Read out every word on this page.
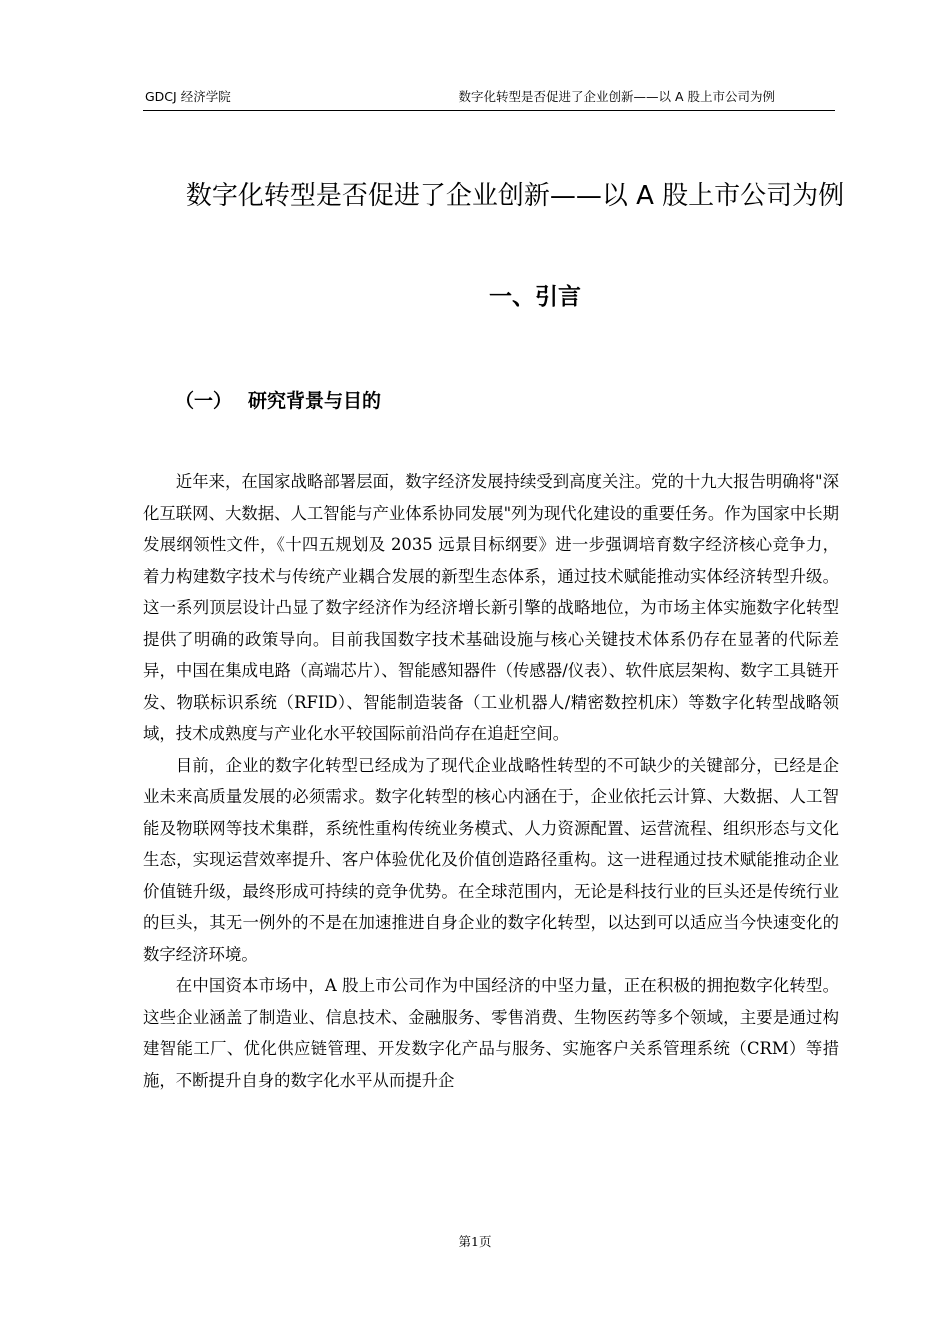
GDCJ 经济学院	数字化转型是否促进了企业创新——以 A 股上市公司为例
数字化转型是否促进了企业创新——以 A 股上市公司为例
一、引言
（一） 研究背景与目的

近年来，在国家战略部署层面，数字经济发展持续受到高度关注。党的十九大报告明确将"深化互联网、大数据、人工智能与产业体系协同发展"列为现代化建设的重要任务。作为国家中长期发展纲领性文件，《十四五规划及 2035 远景目标纲要》进一步强调培育数字经济核心竞争力，着力构建数字技术与传统产业耦合发展的新型生态体系，通过技术赋能推动实体经济转型升级。这一系列顶层设计凸显了数字经济作为经济增长新引擎的战略地位，为市场主体实施数字化转型提供了明确的政策导向。目前我国数字技术基础设施与核心关键技术体系仍存在显著的代际差异，中国在集成电路（高端芯片）、智能感知器件（传感器/仪表）、软件底层架构、数字工具链开发、物联标识系统（RFID）、智能制造装备（工业机器人/精密数控机床）等数字化转型战略领域，技术成熟度与产业化水平较国际前沿尚存在追赶空间。

目前，企业的数字化转型已经成为了现代企业战略性转型的不可缺少的关键部分，已经是企业未来高质量发展的必须需求。数字化转型的核心内涵在于，企业依托云计算、大数据、人工智能及物联网等技术集群，系统性重构传统业务模式、人力资源配置、运营流程、组织形态与文化生态，实现运营效率提升、客户体验优化及价值创造路径重构。这一进程通过技术赋能推动企业价值链升级，最终形成可持续的竞争优势。在全球范围内，无论是科技行业的巨头还是传统行业的巨头，其无一例外的不是在加速推进自身企业的数字化转型，以达到可以适应当今快速变化的数字经济环境。

在中国资本市场中，A 股上市公司作为中国经济的中坚力量，正在积极的拥抱数字化转型。这些企业涵盖了制造业、信息技术、金融服务、零售消费、生物医药等多个领域，主要是通过构建智能工厂、优化供应链管理、开发数字化产品与服务、实施客户关系管理系统（CRM）等措施，不断提升自身的数字化水平从而提升企

第1页
